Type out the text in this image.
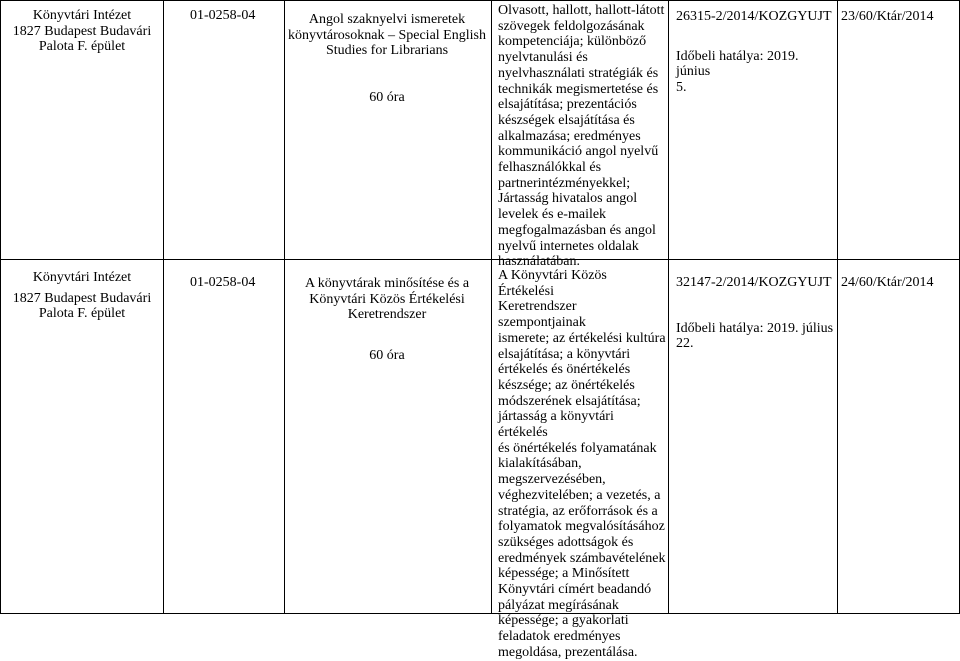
Könyvtári Intézet

1827 Budapest Budavári

Palota F. épület

01-0258-04	Angol szaknyelvi ismeretek

könyvtárosoknak – Special English

Studies for Librarians

60 óra

Olvasott, hallott, hallott-látott

szövegek feldolgozásának

kompetenciája; különböző

nyelvtanulási és

nyelvhasználati stratégiák és

technikák megismertetése és

elsajátítása; prezentációs

készségek elsajátítása és

alkalmazása; eredményes

kommunikáció angol nyelvű

felhasználókkal és

partnerintézményekkel;

Jártasság hivatalos angol

levelek és e-mailek

megfogalmazásban és angol

nyelvű internetes oldalak

használatában.

26315-2/2014/KOZGYUJT

Időbeli hatálya: 2019. június

5.

23/60/Ktár/2014

Könyvtári Intézet

1827 Budapest Budavári

Palota F. épület

01-0258-04	A könyvtárak minősítése és a

Könyvtári Közös Értékelési

Keretrendszer

60 óra

A Könyvtári Közös Értékelési

Keretrendszer szempontjainak

ismerete; az értékelési kultúra

elsajátítása; a könyvtári

értékelés és önértékelés

készsége; az önértékelés

módszerének elsajátítása;

jártasság a könyvtári értékelés

és önértékelés folyamatának

kialakításában,

megszervezésében,

véghezvitelében; a vezetés, a

stratégia, az erőforrások és a

folyamatok megvalósításához

szükséges adottságok és

eredmények számbavételének

képessége; a Minősített

Könyvtári címért beadandó

pályázat megírásának

képessége; a gyakorlati

feladatok eredményes

megoldása, prezentálása.

32147-2/2014/KOZGYUJT

Időbeli hatálya: 2019. július

22.

24/60/Ktár/2014
